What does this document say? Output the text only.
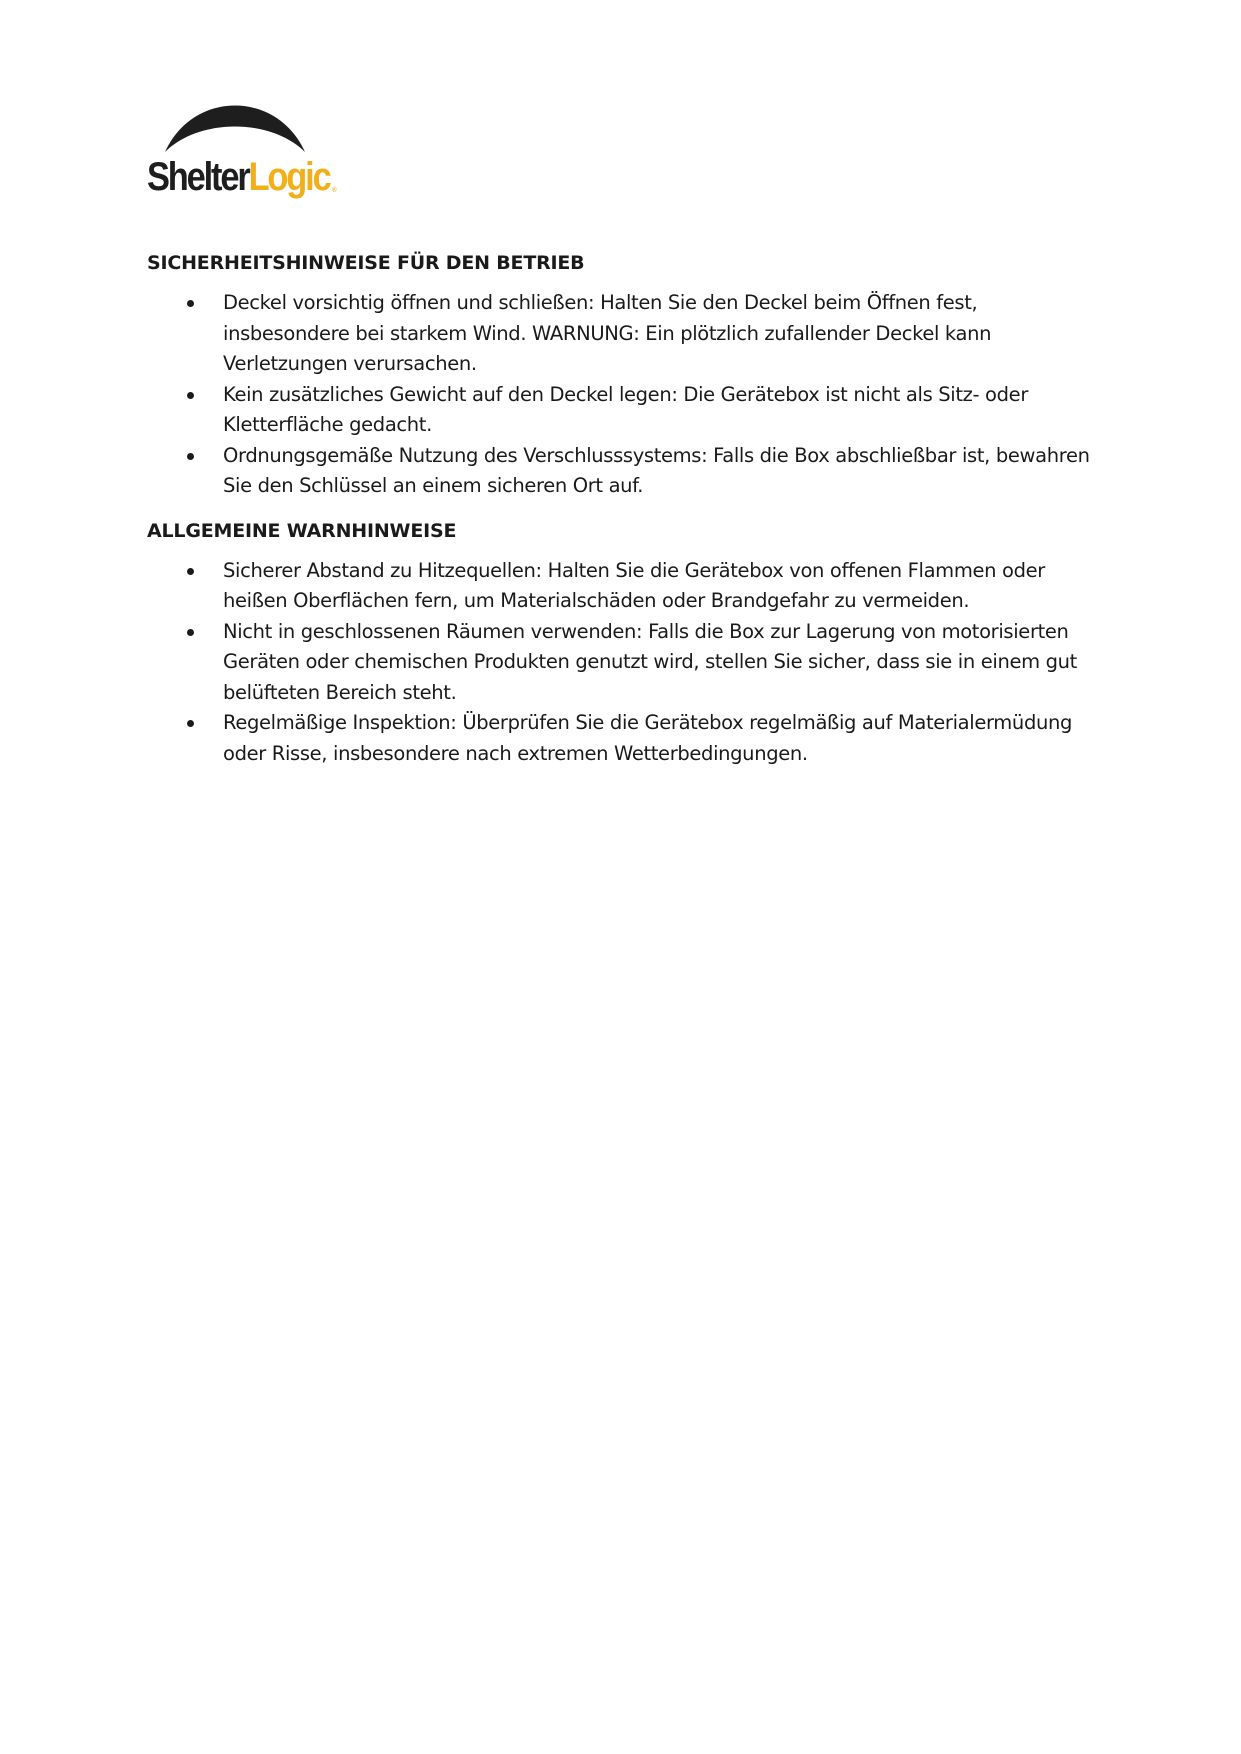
ShelterLogic ®
SICHERHEITSHINWEISE FÜR DEN BETRIEB
Deckel vorsichtig öffnen und schließen: Halten Sie den Deckel beim Öffnen fest, insbesondere bei starkem Wind. WARNUNG: Ein plötzlich zufallender Deckel kann Verletzungen verursachen.
Kein zusätzliches Gewicht auf den Deckel legen: Die Gerätebox ist nicht als Sitz- oder Kletterfläche gedacht.
Ordnungsgemäße Nutzung des Verschlusssystems: Falls die Box abschließbar ist, bewahren Sie den Schlüssel an einem sicheren Ort auf.
ALLGEMEINE WARNHINWEISE
Sicherer Abstand zu Hitzequellen: Halten Sie die Gerätebox von offenen Flammen oder heißen Oberflächen fern, um Materialschäden oder Brandgefahr zu vermeiden.
Nicht in geschlossenen Räumen verwenden: Falls die Box zur Lagerung von motorisierten Geräten oder chemischen Produkten genutzt wird, stellen Sie sicher, dass sie in einem gut belüfteten Bereich steht.
Regelmäßige Inspektion: Überprüfen Sie die Gerätebox regelmäßig auf Materialermüdung oder Risse, insbesondere nach extremen Wetterbedingungen.
